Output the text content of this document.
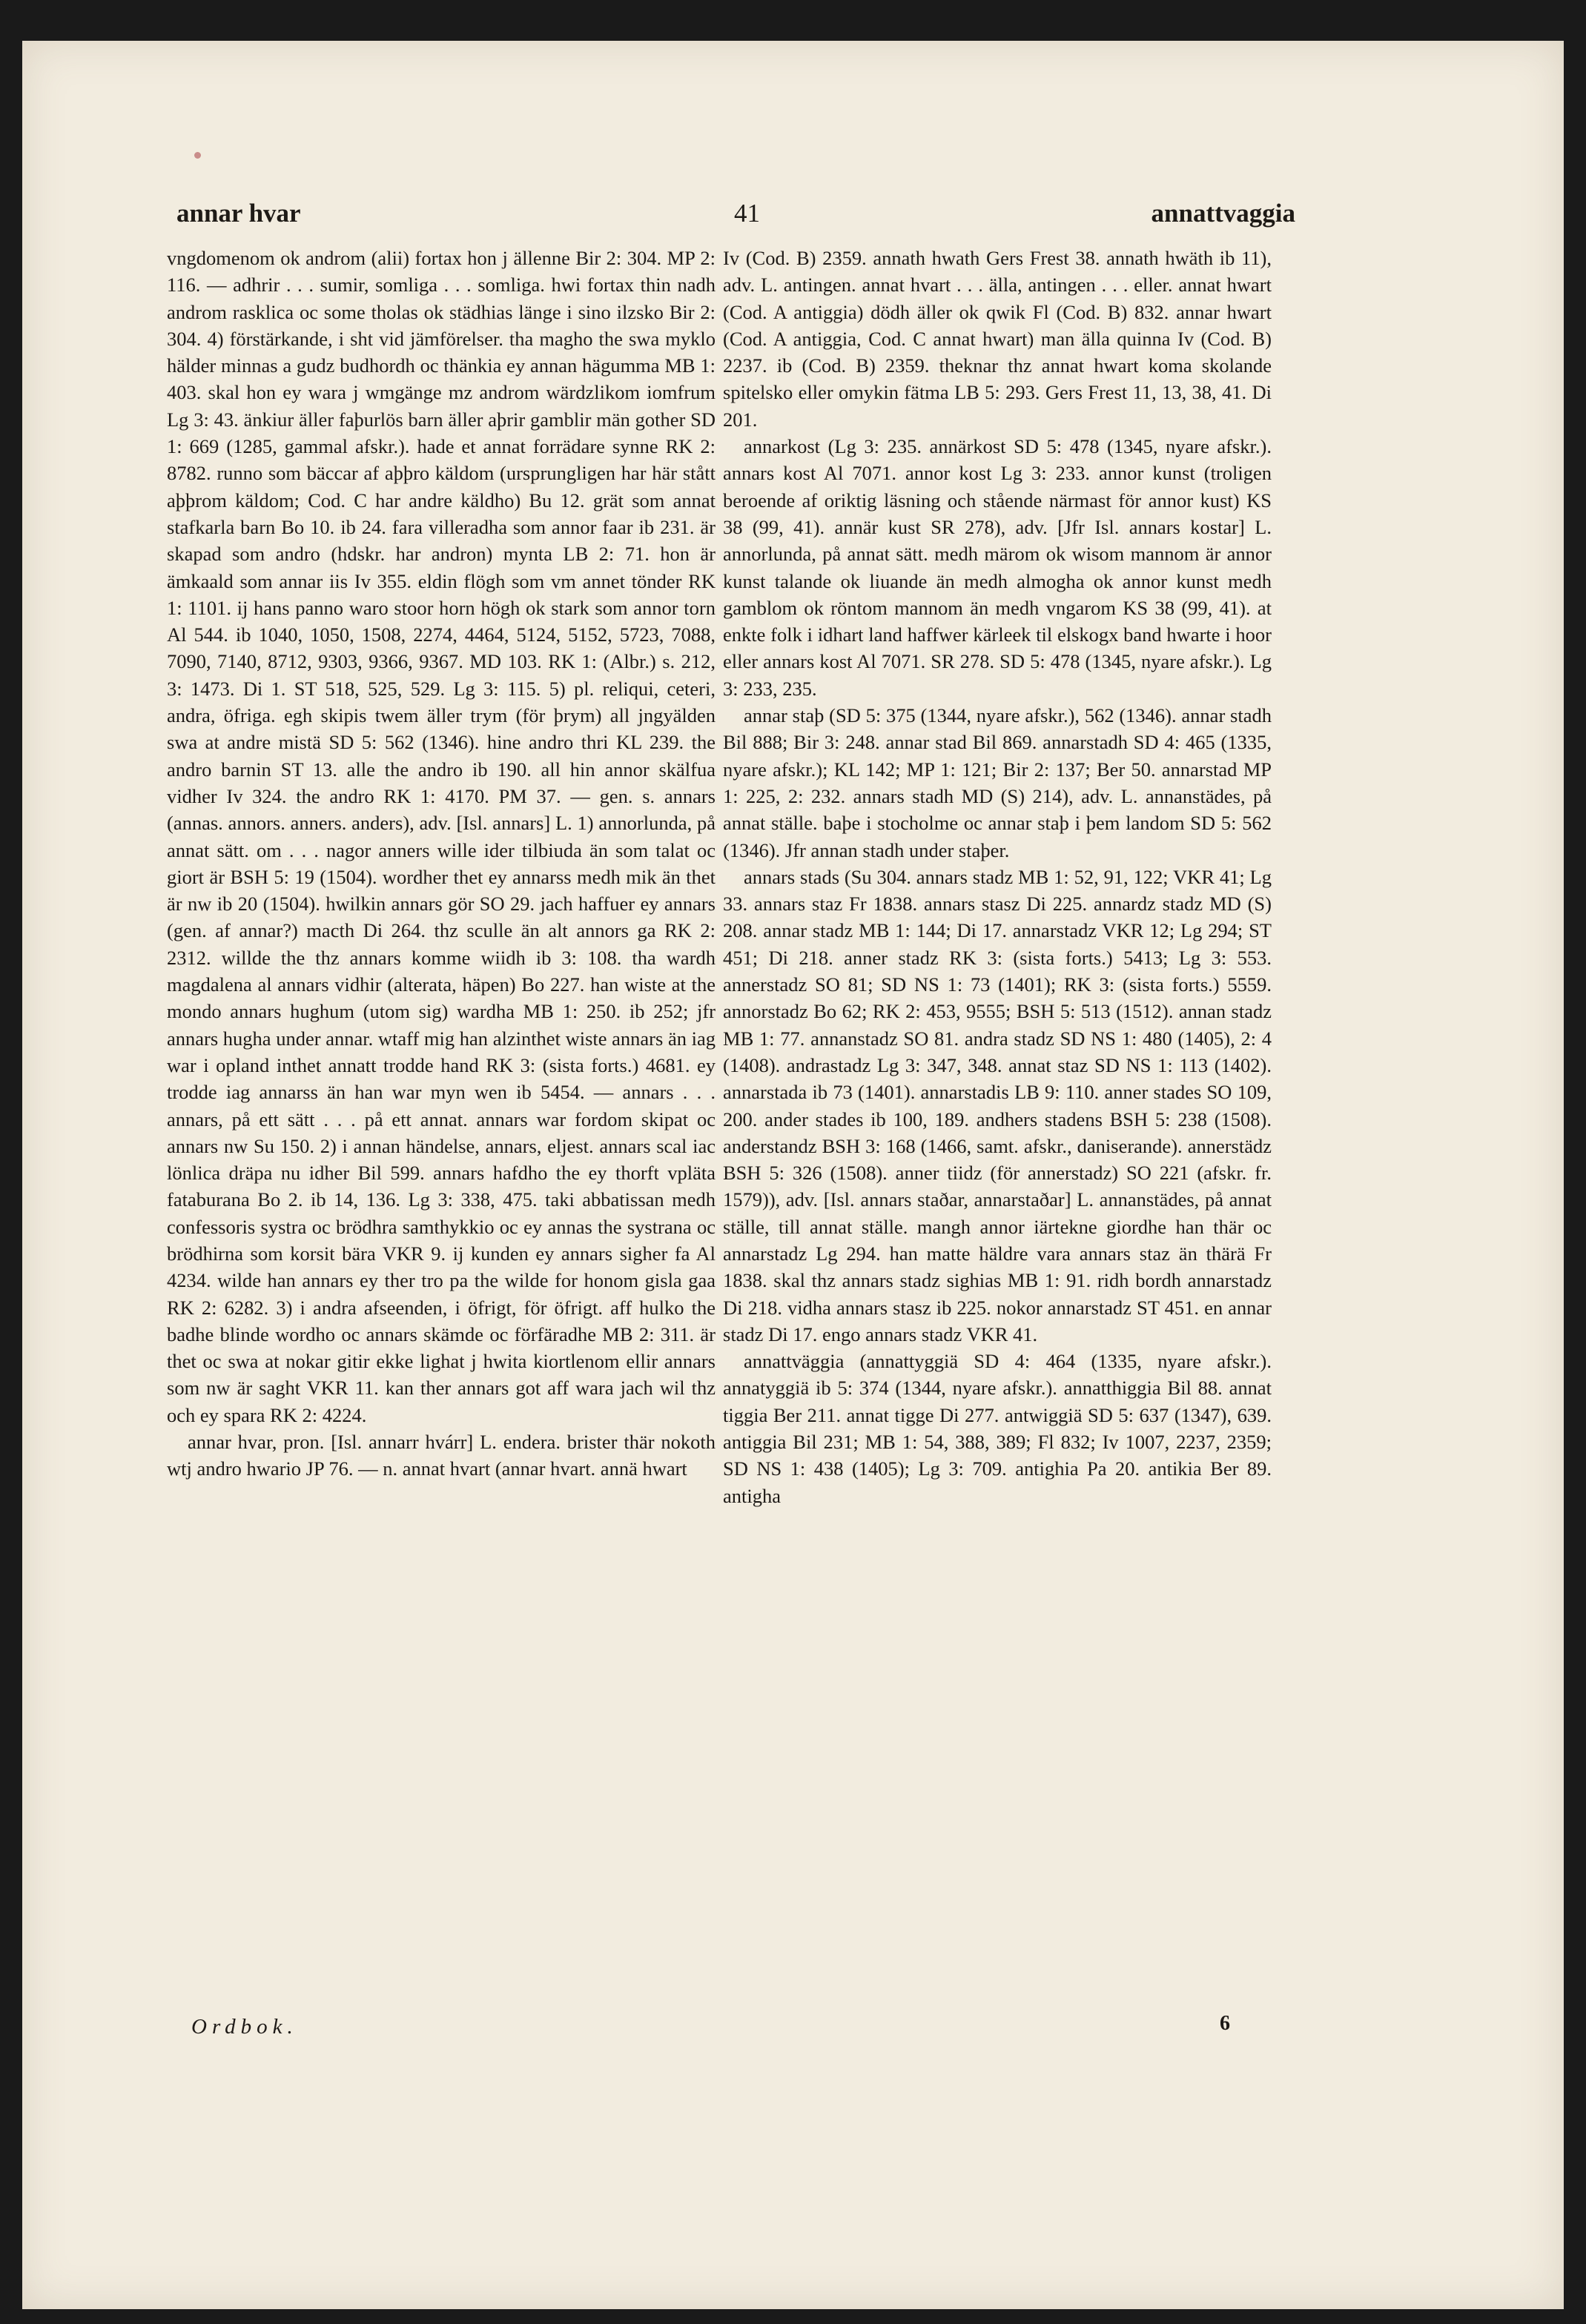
annar hvar	41	annattvaggia

vngdomenom ok androm (alii) fortax hon j ällenne Bir 2: 304. MP 2: 116. — adhrir . . . sumir, somliga . . . somliga. hwi fortax thin nadh androm rasklica oc some tholas ok städhias länge i sino ilzsko Bir 2: 304. 4) förstärkande, i sht vid jämförelser. tha magho the swa myklo hälder minnas a gudz budhordh oc thänkia ey annan hägumma MB 1: 403. skal hon ey wara j wmgänge mz androm wärdzlikom iomfrum Lg 3: 43. änkiur äller faþurlös barn äller aþrir gamblir män gother SD 1: 669 (1285, gammal afskr.). hade et annat forrädare synne RK 2: 8782. runno som bäccar af aþþro käldom (ursprungligen har här stått aþþrom käldom; Cod. C har andre käldho) Bu 12. grät som annat stafkarla barn Bo 10. ib 24. fara villeradha som annor faar ib 231. är skapad som andro (hdskr. har andron) mynta LB 2: 71. hon är ämkaald som annar iis Iv 355. eldin flögh som vm annet tönder RK 1: 1101. ij hans panno waro stoor horn högh ok stark som annor torn Al 544. ib 1040, 1050, 1508, 2274, 4464, 5124, 5152, 5723, 7088, 7090, 7140, 8712, 9303, 9366, 9367. MD 103. RK 1: (Albr.) s. 212, 3: 1473. Di 1. ST 518, 525, 529. Lg 3: 115. 5) pl. reliqui, ceteri, andra, öfriga. egh skipis twem äller trym (för þrym) all jngyälden swa at andre mistä SD 5: 562 (1346). hine andro thri KL 239. the andro barnin ST 13. alle the andro ib 190. all hin annor skälfua vidher Iv 324. the andro RK 1: 4170. PM 37. — gen. s. annars (annas. annors. anners. anders), adv. [Isl. annars] L. 1) annorlunda, på annat sätt. om . . . nagor anners wille ider tilbiuda än som talat oc giort är BSH 5: 19 (1504). wordher thet ey annarss medh mik än thet är nw ib 20 (1504). hwilkin annars gör SO 29. jach haffuer ey annars (gen. af annar?) macth Di 264. thz sculle än alt annors ga RK 2: 2312. willde the thz annars komme wiidh ib 3: 108. tha wardh magdalena al annars vidhir (alterata, häpen) Bo 227. han wiste at the mondo annars hughum (utom sig) wardha MB 1: 250. ib 252; jfr annars hugha under annar. wtaff mig han alzinthet wiste annars än iag war i opland inthet annatt trodde hand RK 3: (sista forts.) 4681. ey trodde iag annarss än han war myn wen ib 5454. — annars . . . annars, på ett sätt . . . på ett annat. annars war fordom skipat oc annars nw Su 150. 2) i annan händelse, annars, eljest. annars scal iac lönlica dräpa nu idher Bil 599. annars hafdho the ey thorft vpläta fataburana Bo 2. ib 14, 136. Lg 3: 338, 475. taki abbatissan medh confessoris systra oc brödhra samthykkio oc ey annas the systrana oc brödhirna som korsit bära VKR 9. ij kunden ey annars sigher fa Al 4234. wilde han annars ey ther tro pa the wilde for honom gisla gaa RK 2: 6282. 3) i andra afseenden, i öfrigt, för öfrigt. aff hulko the badhe blinde wordho oc annars skämde oc förfäradhe MB 2: 311. är thet oc swa at nokar gitir ekke lighat j hwita kiortlenom ellir annars som nw är saght VKR 11. kan ther annars got aff wara jach wil thz och ey spara RK 2: 4224.

annar hvar, pron. [Isl. annarr hvárr] L. endera. brister thär nokoth wtj andro hwario JP 76. — n. annat hvart (annar hvart. annä hwart

Iv (Cod. B) 2359. annath hwath Gers Frest 38. annath hwäth ib 11), adv. L. antingen. annat hvart . . . älla, antingen . . . eller. annat hwart (Cod. A antiggia) dödh äller ok qwik Fl (Cod. B) 832. annar hwart (Cod. A antiggia, Cod. C annat hwart) man älla quinna Iv (Cod. B) 2237. ib (Cod. B) 2359. theknar thz annat hwart koma skolande spitelsko eller omykin fätma LB 5: 293. Gers Frest 11, 13, 38, 41. Di 201.

annarkost (Lg 3: 235. annärkost SD 5: 478 (1345, nyare afskr.). annars kost Al 7071. annor kost Lg 3: 233. annor kunst (troligen beroende af oriktig läsning och stående närmast för annor kust) KS 38 (99, 41). annär kust SR 278), adv. [Jfr Isl. annars kostar] L. annorlunda, på annat sätt. medh märom ok wisom mannom är annor kunst talande ok liuande än medh almogha ok annor kunst medh gamblom ok röntom mannom än medh vngarom KS 38 (99, 41). at enkte folk i idhart land haffwer kärleek til elskogx band hwarte i hoor eller annars kost Al 7071. SR 278. SD 5: 478 (1345, nyare afskr.). Lg 3: 233, 235.

annar staþ (SD 5: 375 (1344, nyare afskr.), 562 (1346). annar stadh Bil 888; Bir 3: 248. annar stad Bil 869. annarstadh SD 4: 465 (1335, nyare afskr.); KL 142; MP 1: 121; Bir 2: 137; Ber 50. annarstad MP 1: 225, 2: 232. annars stadh MD (S) 214), adv. L. annanstädes, på annat ställe. baþe i stocholme oc annar staþ i þem landom SD 5: 562 (1346). Jfr annan stadh under staþer.

annars stads (Su 304. annars stadz MB 1: 52, 91, 122; VKR 41; Lg 33. annars staz Fr 1838. annars stasz Di 225. annardz stadz MD (S) 208. annar stadz MB 1: 144; Di 17. annarstadz VKR 12; Lg 294; ST 451; Di 218. anner stadz RK 3: (sista forts.) 5413; Lg 3: 553. annerstadz SO 81; SD NS 1: 73 (1401); RK 3: (sista forts.) 5559. annorstadz Bo 62; RK 2: 453, 9555; BSH 5: 513 (1512). annan stadz MB 1: 77. annanstadz SO 81. andra stadz SD NS 1: 480 (1405), 2: 4 (1408). andrastadz Lg 3: 347, 348. annat staz SD NS 1: 113 (1402). annarstada ib 73 (1401). annarstadis LB 9: 110. anner stades SO 109, 200. ander stades ib 100, 189. andhers stadens BSH 5: 238 (1508). anderstandz BSH 3: 168 (1466, samt. afskr., daniserande). annerstädz BSH 5: 326 (1508). anner tiidz (för annerstadz) SO 221 (afskr. fr. 1579)), adv. [Isl. annars staðar, annarstaðar] L. annanstädes, på annat ställe, till annat ställe. mangh annor iärtekne giordhe han thär oc annarstadz Lg 294. han matte häldre vara annars staz än thärä Fr 1838. skal thz annars stadz sighias MB 1: 91. ridh bordh annarstadz Di 218. vidha annars stasz ib 225. nokor annarstadz ST 451. en annar stadz Di 17. engo annars stadz VKR 41.

annattväggia (annattyggiä SD 4: 464 (1335, nyare afskr.). annatyggiä ib 5: 374 (1344, nyare afskr.). annatthiggia Bil 88. annat tiggia Ber 211. annat tigge Di 277. antwiggiä SD 5: 637 (1347), 639. antiggia Bil 231; MB 1: 54, 388, 389; Fl 832; Iv 1007, 2237, 2359; SD NS 1: 438 (1405); Lg 3: 709. antighia Pa 20. antikia Ber 89. antigha

Ordbok.	6
